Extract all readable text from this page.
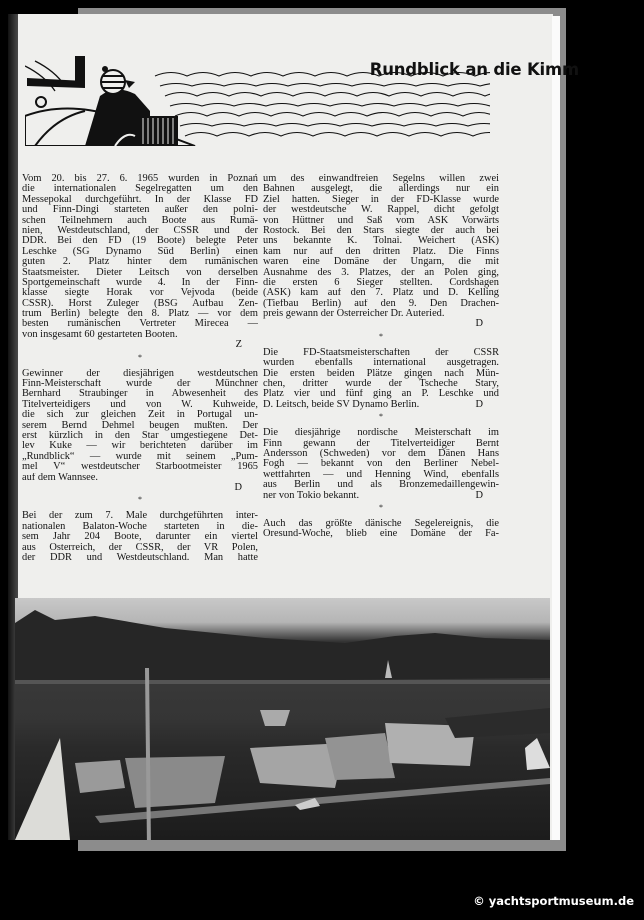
Rundblick an die Kimm
Vom 20. bis 27. 6. 1965 wurden in Poznań
die internationalen Segelregatten um den
Messepokal durchgeführt. In der Klasse FD
und Finn-Dingi starteten außer den polni-
schen Teilnehmern auch Boote aus Rumä-
nien, Westdeutschland, der ČSSR und der
DDR. Bei den FD (19 Boote) belegte Peter
Leschke (SG Dynamo Süd Berlin) einen
guten 2. Platz hinter dem rumänischen
Staatsmeister. Dieter Leitsch von derselben
Sportgemeinschaft wurde 4. In der Finn-
klasse siegte Horak vor Vejvoda (beide
ČSSR). Horst Zuleger (BSG Aufbau Zen-
trum Berlin) belegte den 8. Platz — vor dem
besten rumänischen Vertreter Mirecea —
von insgesamt 60 gestarteten Booten.
Z
*
Gewinner der diesjährigen westdeutschen
Finn-Meisterschaft wurde der Münchner
Bernhard Straubinger in Abwesenheit des
Titelverteidigers und von W. Kuhweide,
die sich zur gleichen Zeit in Portugal un-
serem Bernd Dehmel beugen mußten. Der
erst kürzlich in den Star umgestiegene Det-
lev Kuke — wir berichteten darüber im
„Rundblick“ — wurde mit seinem „Pum-
mel V“ westdeutscher Starbootmeister 1965
auf dem Wannsee.
D
*
Bei der zum 7. Male durchgeführten inter-
nationalen Balaton-Woche starteten in die-
sem Jahr 204 Boote, darunter ein viertel
aus Österreich, der ČSSR, der VR Polen,
der DDR und Westdeutschland. Man hatte
um des einwandfreien Segelns willen zwei
Bahnen ausgelegt, die allerdings nur ein
Ziel hatten. Sieger in der FD-Klasse wurde
der westdeutsche W. Rappel, dicht gefolgt
von Hüttner und Saß vom ASK Vorwärts
Rostock. Bei den Stars siegte der auch bei
uns bekannte K. Tolnai. Weichert (ASK)
kam nur auf den dritten Platz. Die Finns
waren eine Domäne der Ungarn, die mit
Ausnahme des 3. Platzes, der an Polen ging,
die ersten 6 Sieger stellten. Cordshagen
(ASK) kam auf den 7. Platz und D. Kelling
(Tiefbau Berlin) auf den 9. Den Drachen-
preis gewann der Österreicher Dr. Auteried.
D
*
Die FD-Staatsmeisterschaften der ČSSR
wurden ebenfalls international ausgetragen.
Die ersten beiden Plätze gingen nach Mün-
chen, dritter wurde der Tscheche Stary,
Platz vier und fünf ging an P. Leschke und
D. Leitsch, beide SV Dynamo Berlin.	D
*
Die diesjährige nordische Meisterschaft im
Finn gewann der Titelverteidiger Bernt
Andersson (Schweden) vor dem Dänen Hans
Fogh — bekannt von den Berliner Nebel-
wettfahrten — und Henning Wind, ebenfalls
aus Berlin und als Bronzemedaillengewin-
ner von Tokio bekannt.	D
*
Auch das größte dänische Segelereignis, die
Öresund-Woche, blieb eine Domäne der Fa-
© yachtsportmuseum.de
